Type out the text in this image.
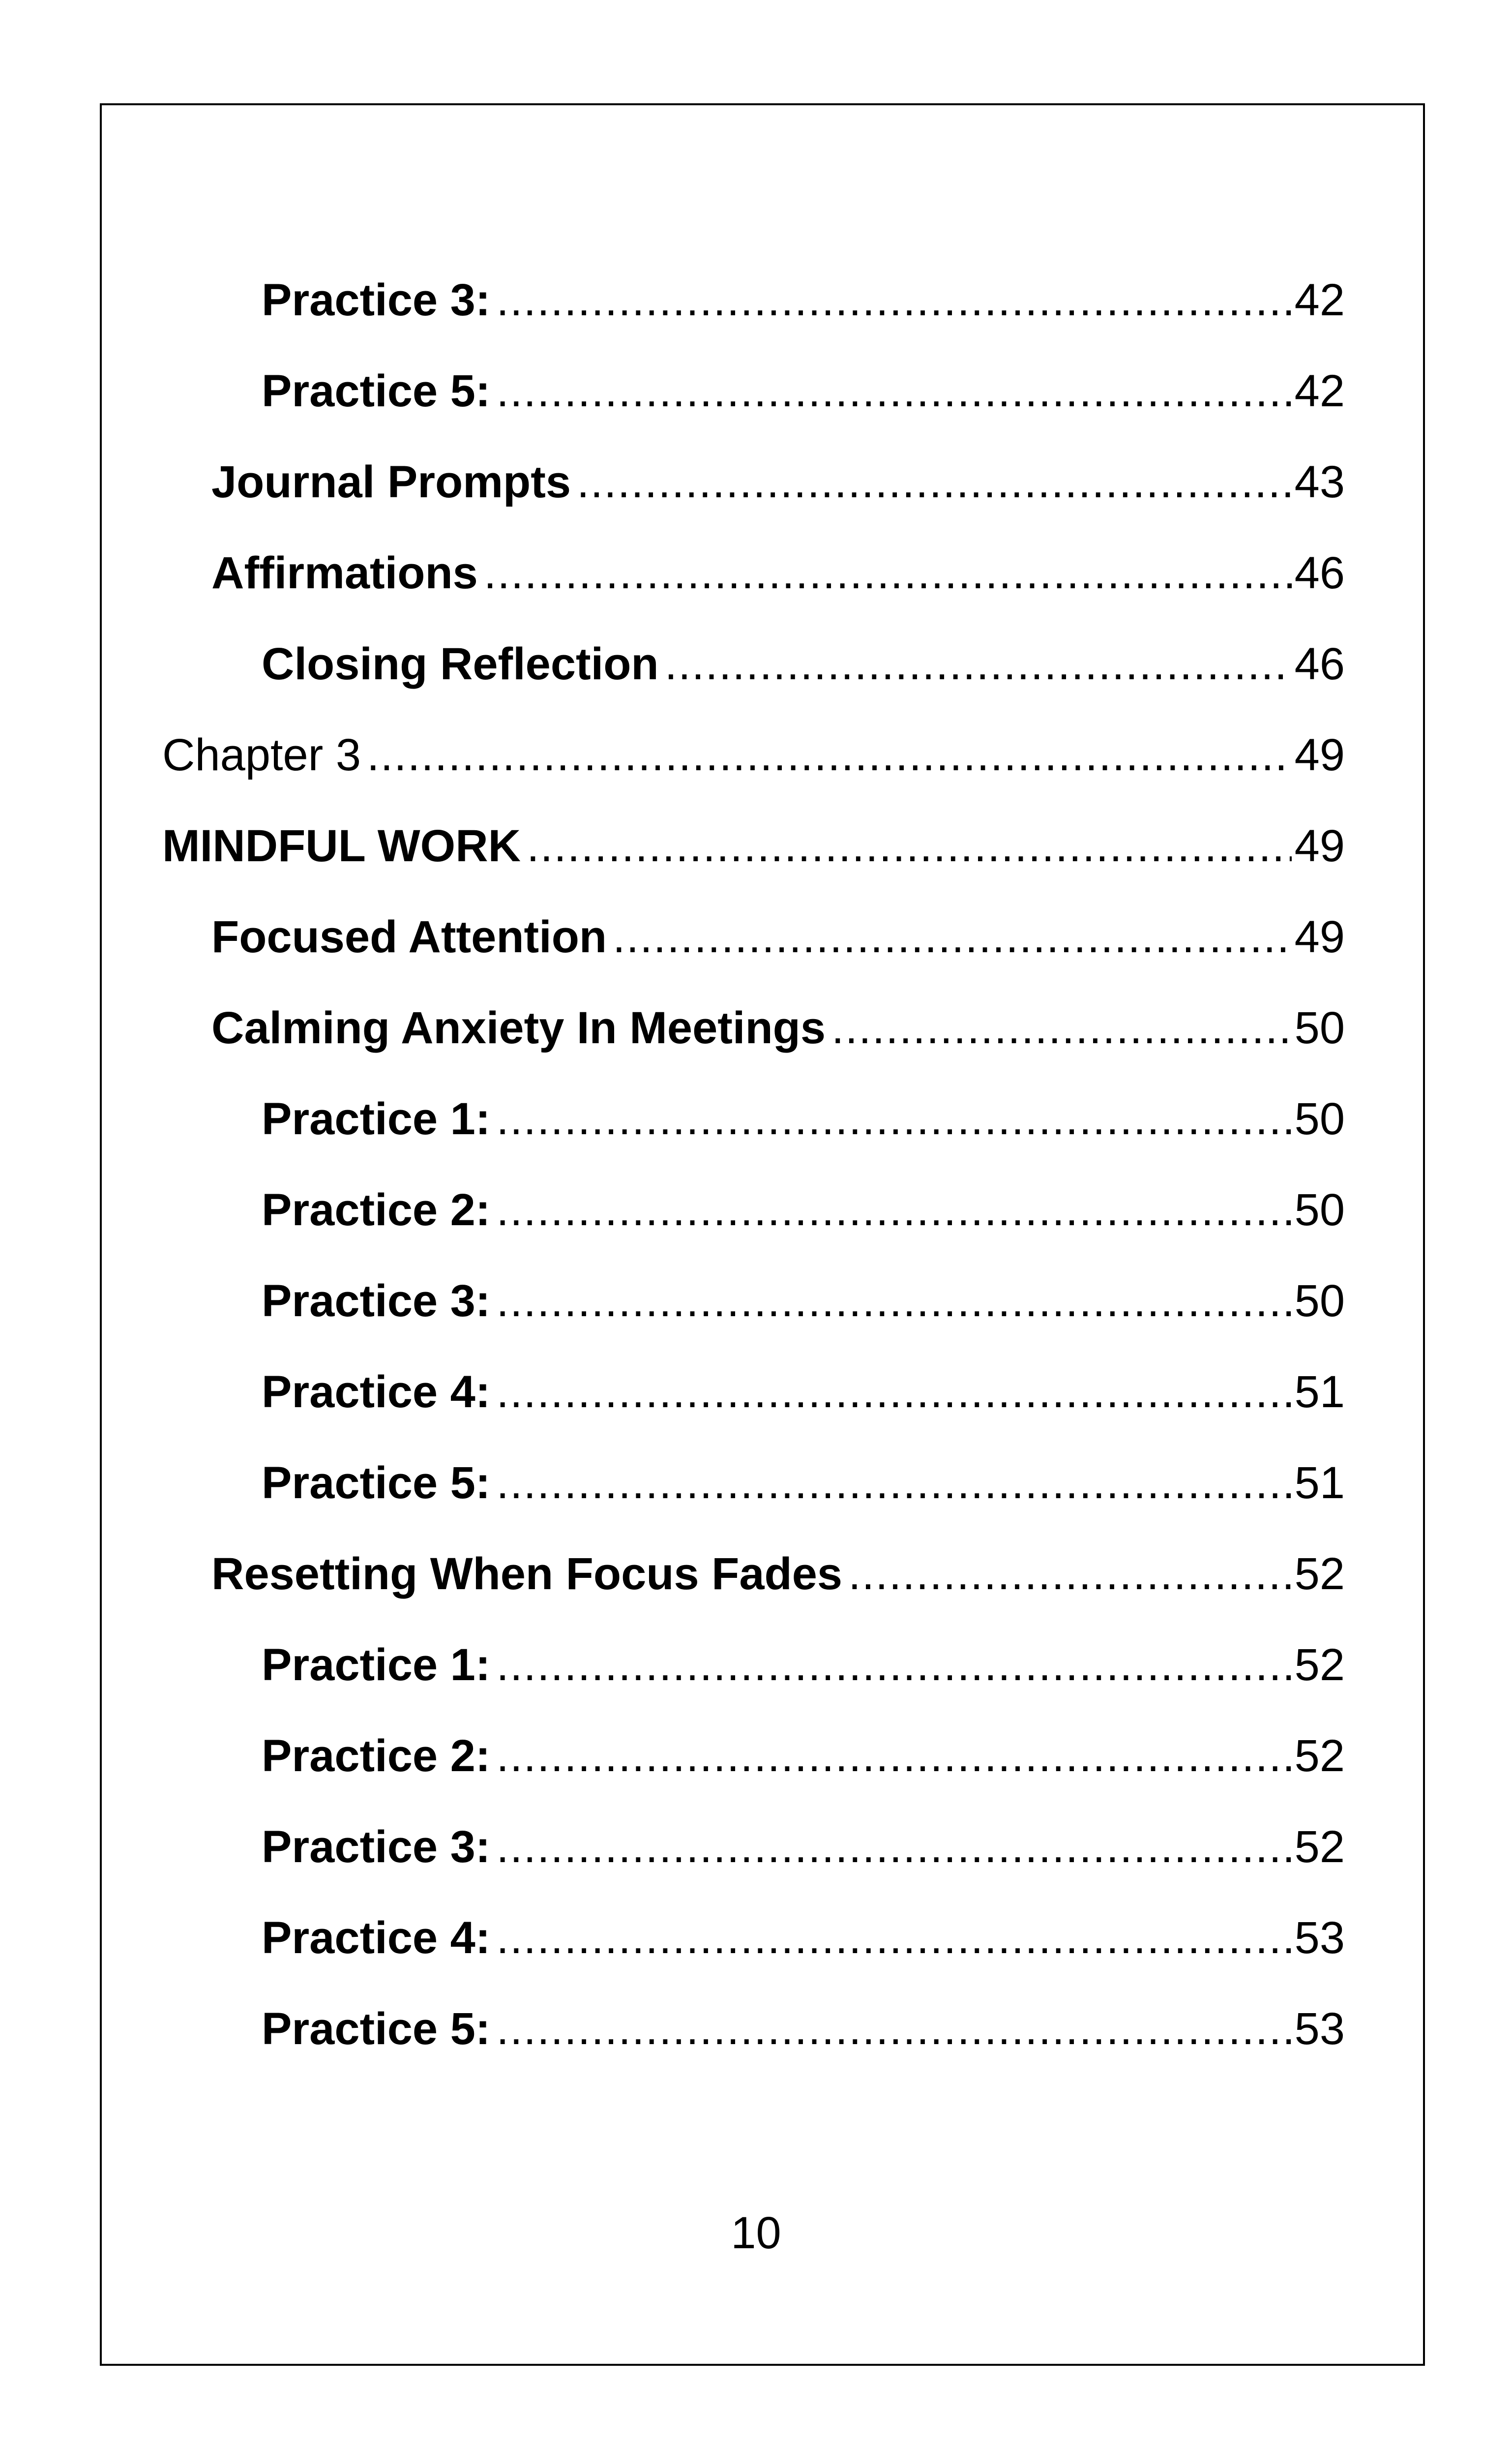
Practice 3: .....	42
Practice 5: .....	42
Journal Prompts .....	43
Affirmations .....	46
Closing Reflection .....	46
Chapter 3 .....	49
MINDFUL WORK .....	49
Focused Attention .....	49
Calming Anxiety In Meetings .....	50
Practice 1: .....	50
Practice 2: .....	50
Practice 3: .....	50
Practice 4: .....	51
Practice 5: .....	51
Resetting When Focus Fades .....	52
Practice 1: .....	52
Practice 2: .....	52
Practice 3: .....	52
Practice 4: .....	53
Practice 5: .....	53
10
